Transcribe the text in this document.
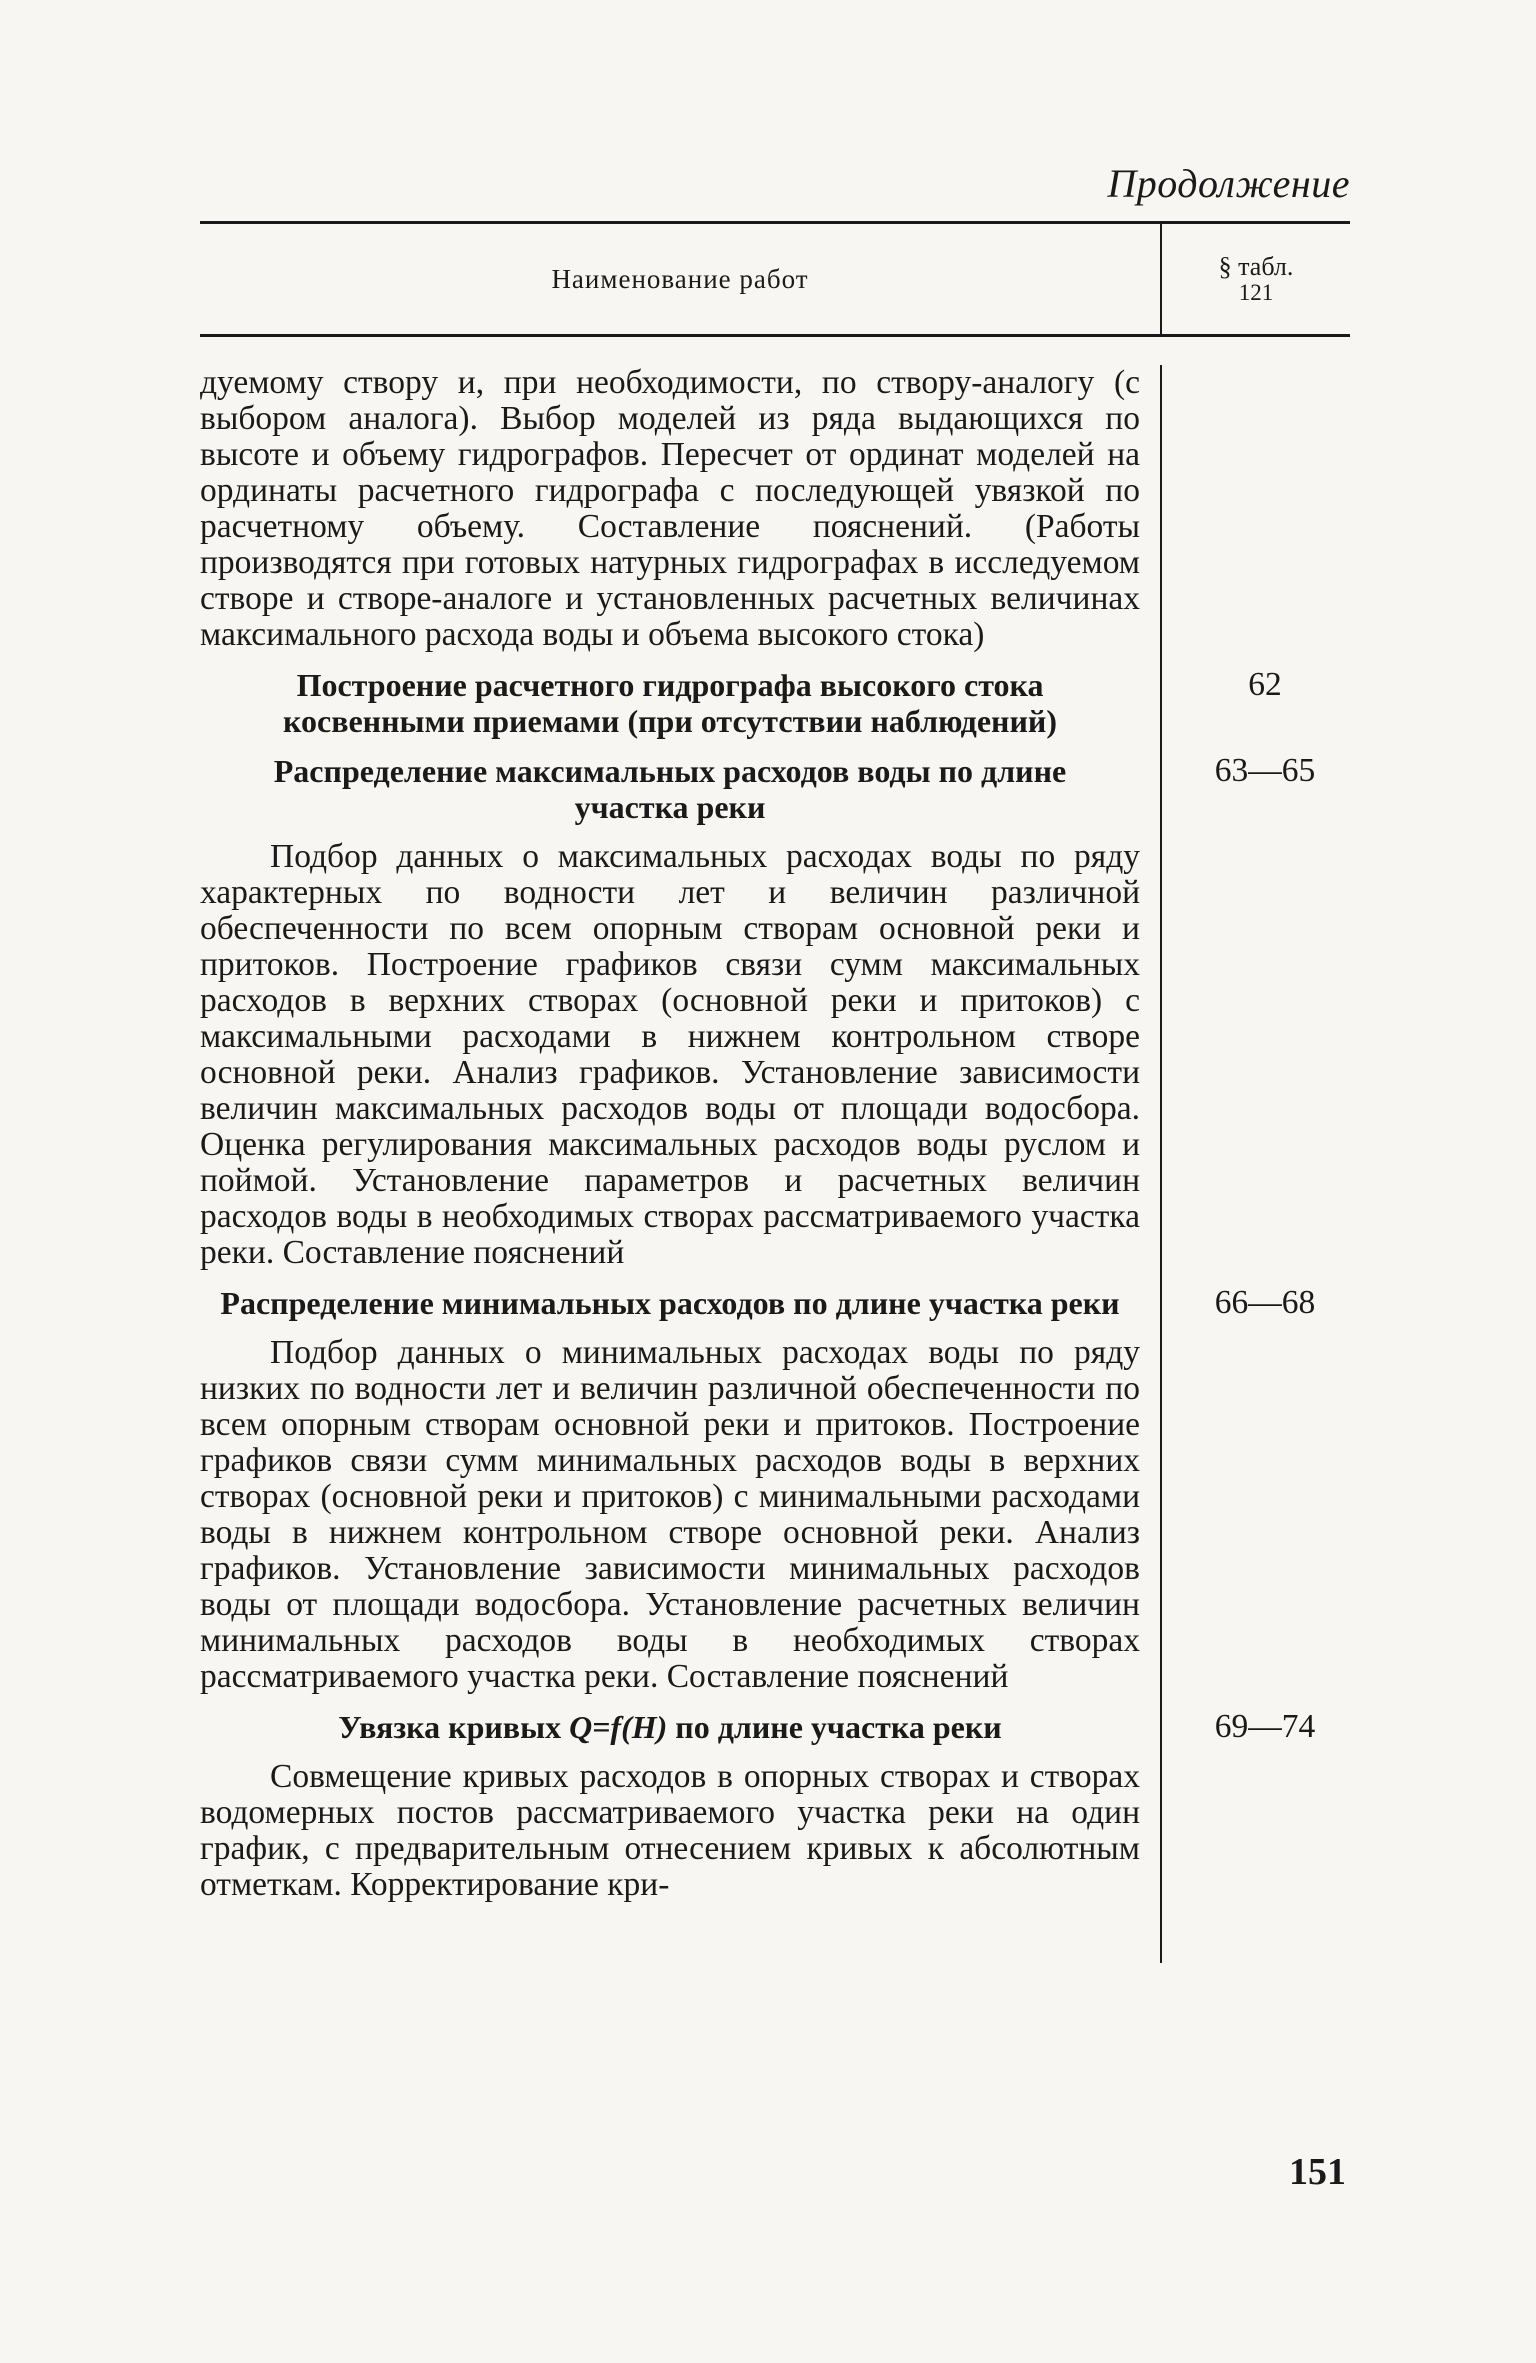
Продолжение
Наименование работ	§ табл.
121
дуемому створу и, при необходимости, по створу-аналогу (с выбором аналога). Выбор моделей из ряда выдающихся по высоте и объему гидрографов. Пересчет от ординат моделей на ординаты расчетного гидрографа с последующей увязкой по расчетному объему. Составление пояснений. (Работы производятся при готовых натурных гидрографах в исследуемом створе и створе-аналоге и установленных расчетных величинах максимального расхода воды и объема высокого стока)
Построение расчетного гидрографа высокого стока косвенными приемами (при отсутствии наблюдений)
62
Распределение максимальных расходов воды по длине участка реки
Подбор данных о максимальных расходах воды по ряду характерных по водности лет и величин различной обеспеченности по всем опорным створам основной реки и притоков. Построение графиков связи сумм максимальных расходов в верхних створах (основной реки и притоков) с максимальными расходами в нижнем контрольном створе основной реки. Анализ графиков. Установление зависимости величин максимальных расходов воды от площади водосбора. Оценка регулирования максимальных расходов воды руслом и поймой. Установление параметров и расчетных величин расходов воды в необходимых створах рассматриваемого участка реки. Составление пояснений
63—65
Распределение минимальных расходов по длине участка реки
Подбор данных о минимальных расходах воды по ряду низких по водности лет и величин различной обеспеченности по всем опорным створам основной реки и притоков. Построение графиков связи сумм минимальных расходов воды в верхних створах (основной реки и притоков) с минимальными расходами воды в нижнем контрольном створе основной реки. Анализ графиков. Установление зависимости минимальных расходов воды от площади водосбора. Установление расчетных величин минимальных расходов воды в необходимых створах рассматриваемого участка реки. Составление пояснений
66—68
Увязка кривых Q=f(H) по длине участка реки
Совмещение кривых расходов в опорных створах и створах водомерных постов рассматриваемого участка реки на один график, с предварительным отнесением кривых к абсолютным отметкам. Корректирование кри-
69—74
151
